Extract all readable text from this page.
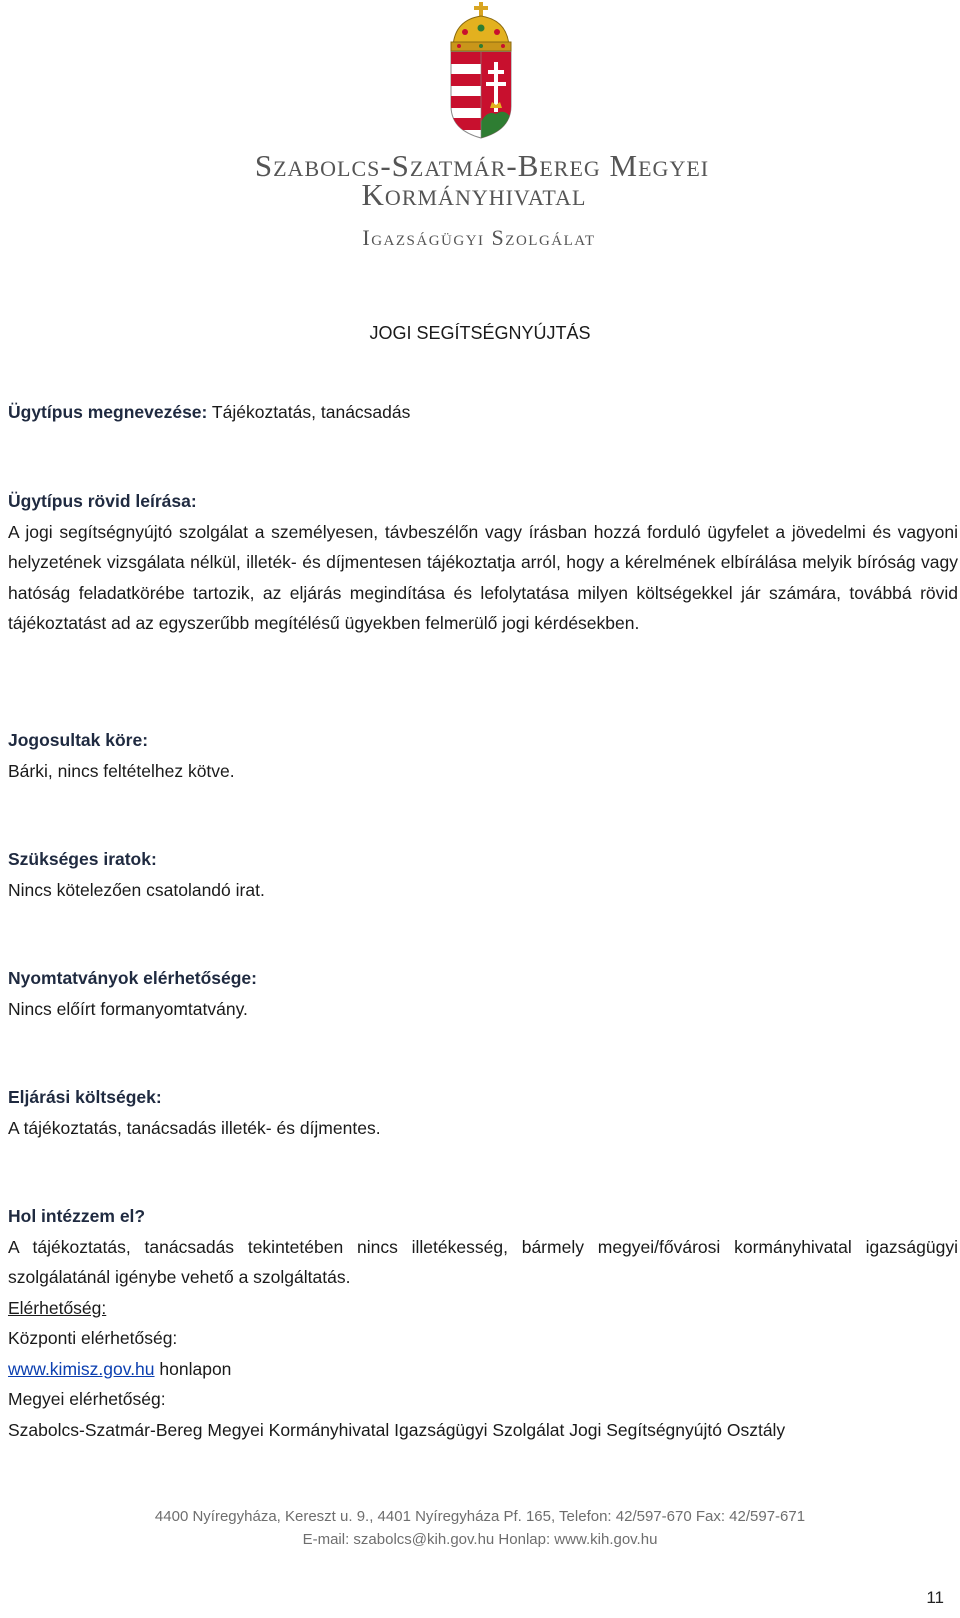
Szabolcs-Szatmár-Bereg Megyei
Kormányhivatal
Igazságügyi Szolgálat
JOGI SEGÍTSÉGNYÚJTÁS
Ügytípus megnevezése: Tájékoztatás, tanácsadás
Ügytípus rövid leírása:
A jogi segítségnyújtó szolgálat a személyesen, távbeszélőn vagy írásban hozzá forduló ügyfelet a jövedelmi és vagyoni helyzetének vizsgálata nélkül, illeték- és díjmentesen tájékoztatja arról, hogy a kérelmének elbírálása melyik bíróság vagy hatóság feladatkörébe tartozik, az eljárás megindítása és lefolytatása milyen költségekkel jár számára, továbbá rövid tájékoztatást ad az egyszerűbb megítélésű ügyekben felmerülő jogi kérdésekben.
Jogosultak köre:
Bárki, nincs feltételhez kötve.
Szükséges iratok:
Nincs kötelezően csatolandó irat.
Nyomtatványok elérhetősége:
Nincs előírt formanyomtatvány.
Eljárási költségek:
A tájékoztatás, tanácsadás illeték- és díjmentes.
Hol intézzem el?
A tájékoztatás, tanácsadás tekintetében nincs illetékesség, bármely megyei/fővárosi kormányhivatal igazságügyi szolgálatánál igénybe vehető a szolgáltatás.
Elérhetőség:
Központi elérhetőség:
www.kimisz.gov.hu honlapon
Megyei elérhetőség:
Szabolcs-Szatmár-Bereg Megyei Kormányhivatal Igazságügyi Szolgálat Jogi Segítségnyújtó Osztály
4400 Nyíregyháza, Kereszt u. 9., 4401 Nyíregyháza Pf. 165, Telefon: 42/597-670 Fax: 42/597-671
E-mail: szabolcs@kih.gov.hu Honlap: www.kih.gov.hu
11
